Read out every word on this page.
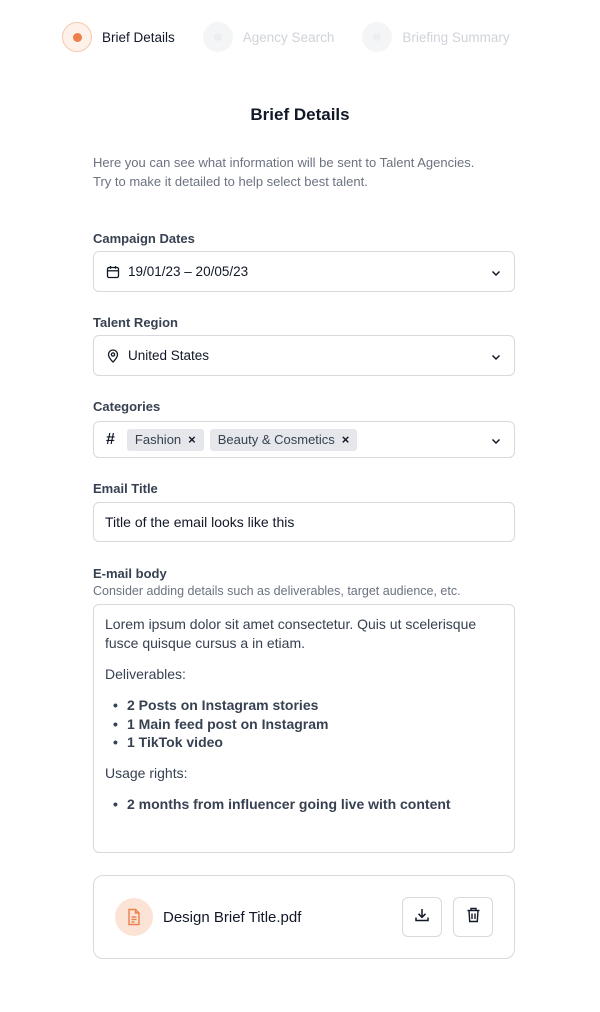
Brief Details	Agency Search	Briefing Summary
Brief Details

Here you can see what information will be sent to Talent Agencies.

Try to make it detailed to help select best talent.

Campaign Dates
19/01/23 – 20/05/23
Talent Region
United States
Categories
# Fashion × Beauty & Cosmetics ×
Email Title
Title of the email looks like this
E-mail body
Consider adding details such as deliverables, target audience, etc.
Lorem ipsum dolor sit amet consectetur. Quis ut scelerisque fusce quisque cursus a in etiam.
Deliverables:
• 2 Posts on Instagram stories
• 1 Main feed post on Instagram
• 1 TikTok video
Usage rights:
• 2 months from influencer going live with content
Design Brief Title.pdf
